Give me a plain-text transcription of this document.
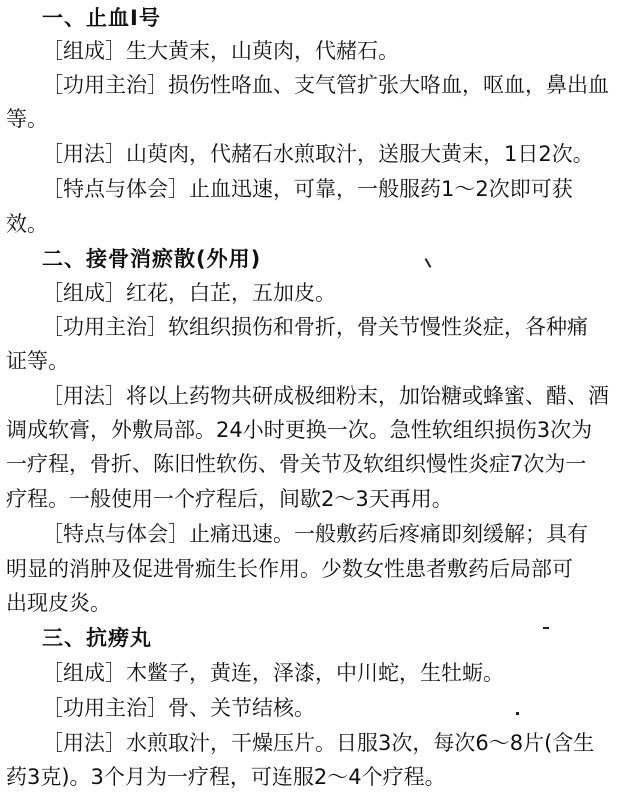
一、止血Ⅰ号
［组成］生大黄末，山萸肉，代赭石。
［功用主治］损伤性咯血、支气管扩张大咯血，呕血，鼻出血
等。
［用法］山萸肉，代赭石水煎取汁，送服大黄末，1日2次。
［特点与体会］止血迅速，可靠，一般服药1～2次即可获
效。
二、接骨消瘀散(外用)
［组成］红花，白芷，五加皮。
［功用主治］软组织损伤和骨折，骨关节慢性炎症，各种痛
证等。
［用法］将以上药物共研成极细粉末，加饴糖或蜂蜜、醋、酒
调成软膏，外敷局部。24小时更换一次。急性软组织损伤3次为
一疗程，骨折、陈旧性软伤、骨关节及软组织慢性炎症7次为一
疗程。一般使用一个疗程后，间歇2～3天再用。
［特点与体会］止痛迅速。一般敷药后疼痛即刻缓解；具有
明显的消肿及促进骨痂生长作用。少数女性患者敷药后局部可
出现皮炎。
三、抗痨丸
［组成］木鳖子，黄连，泽漆，中川蛇，生牡蛎。
［功用主治］骨、关节结核。
［用法］水煎取汁，干燥压片。日服3次，每次6～8片(含生
药3克)。3个月为一疗程，可连服2～4个疗程。
